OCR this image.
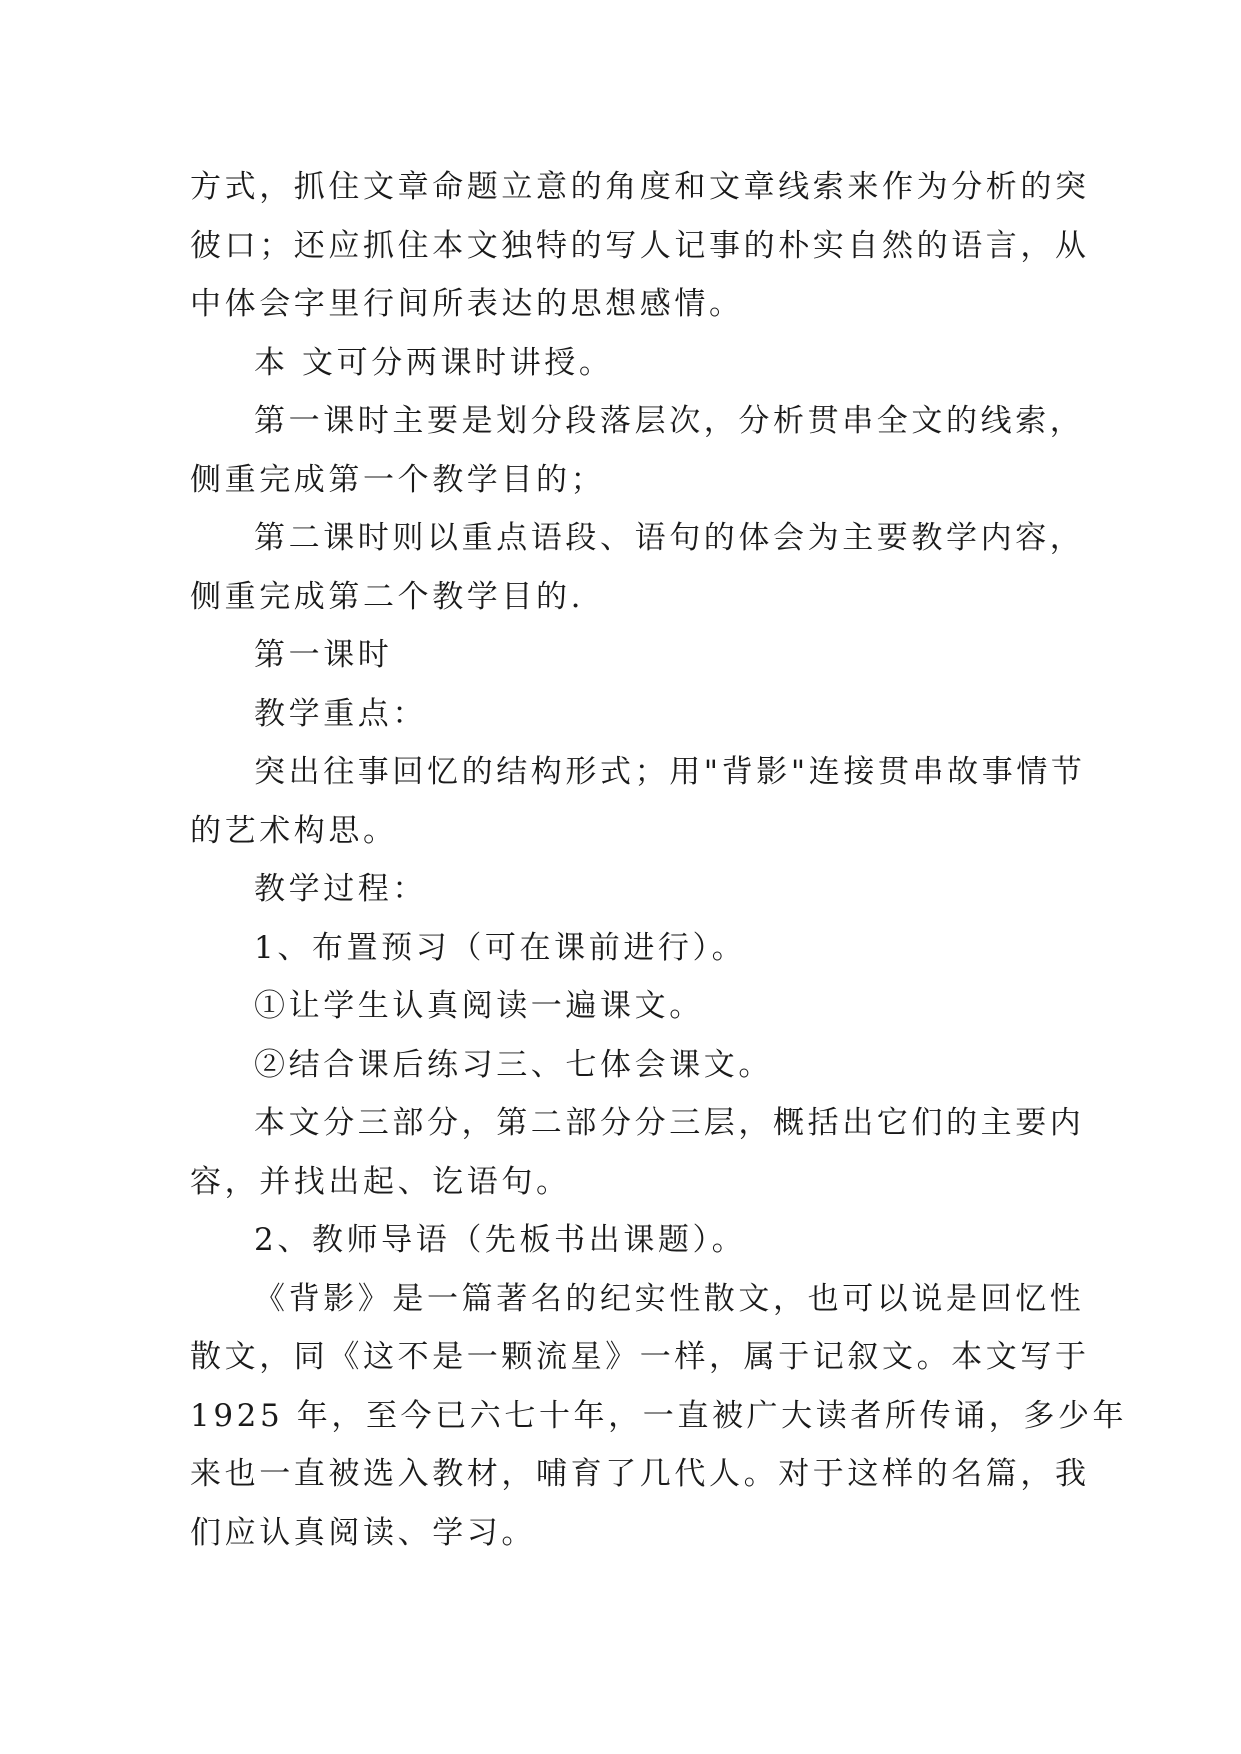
方式，抓住文章命题立意的角度和文章线索来作为分析的突
彼口；还应抓住本文独特的写人记事的朴实自然的语言，从
中体会字里行间所表达的思想感情。
本 文可分两课时讲授。
第一课时主要是划分段落层次，分析贯串全文的线索，
侧重完成第一个教学目的；
第二课时则以重点语段、语句的体会为主要教学内容，
侧重完成第二个教学目的.
第一课时
教学重点：
突出往事回忆的结构形式；用"背影"连接贯串故事情节
的艺术构思。
教学过程：
1、布置预习（可在课前进行）。
①让学生认真阅读一遍课文。
②结合课后练习三、七体会课文。
本文分三部分，第二部分分三层，概括出它们的主要内
容，并找出起、讫语句。
2、教师导语（先板书出课题）。
《背影》是一篇著名的纪实性散文，也可以说是回忆性
散文，同《这不是一颗流星》一样，属于记叙文。本文写于
1925 年，至今已六七十年，一直被广大读者所传诵，多少年
来也一直被选入教材，哺育了几代人。对于这样的名篇，我
们应认真阅读、学习。
